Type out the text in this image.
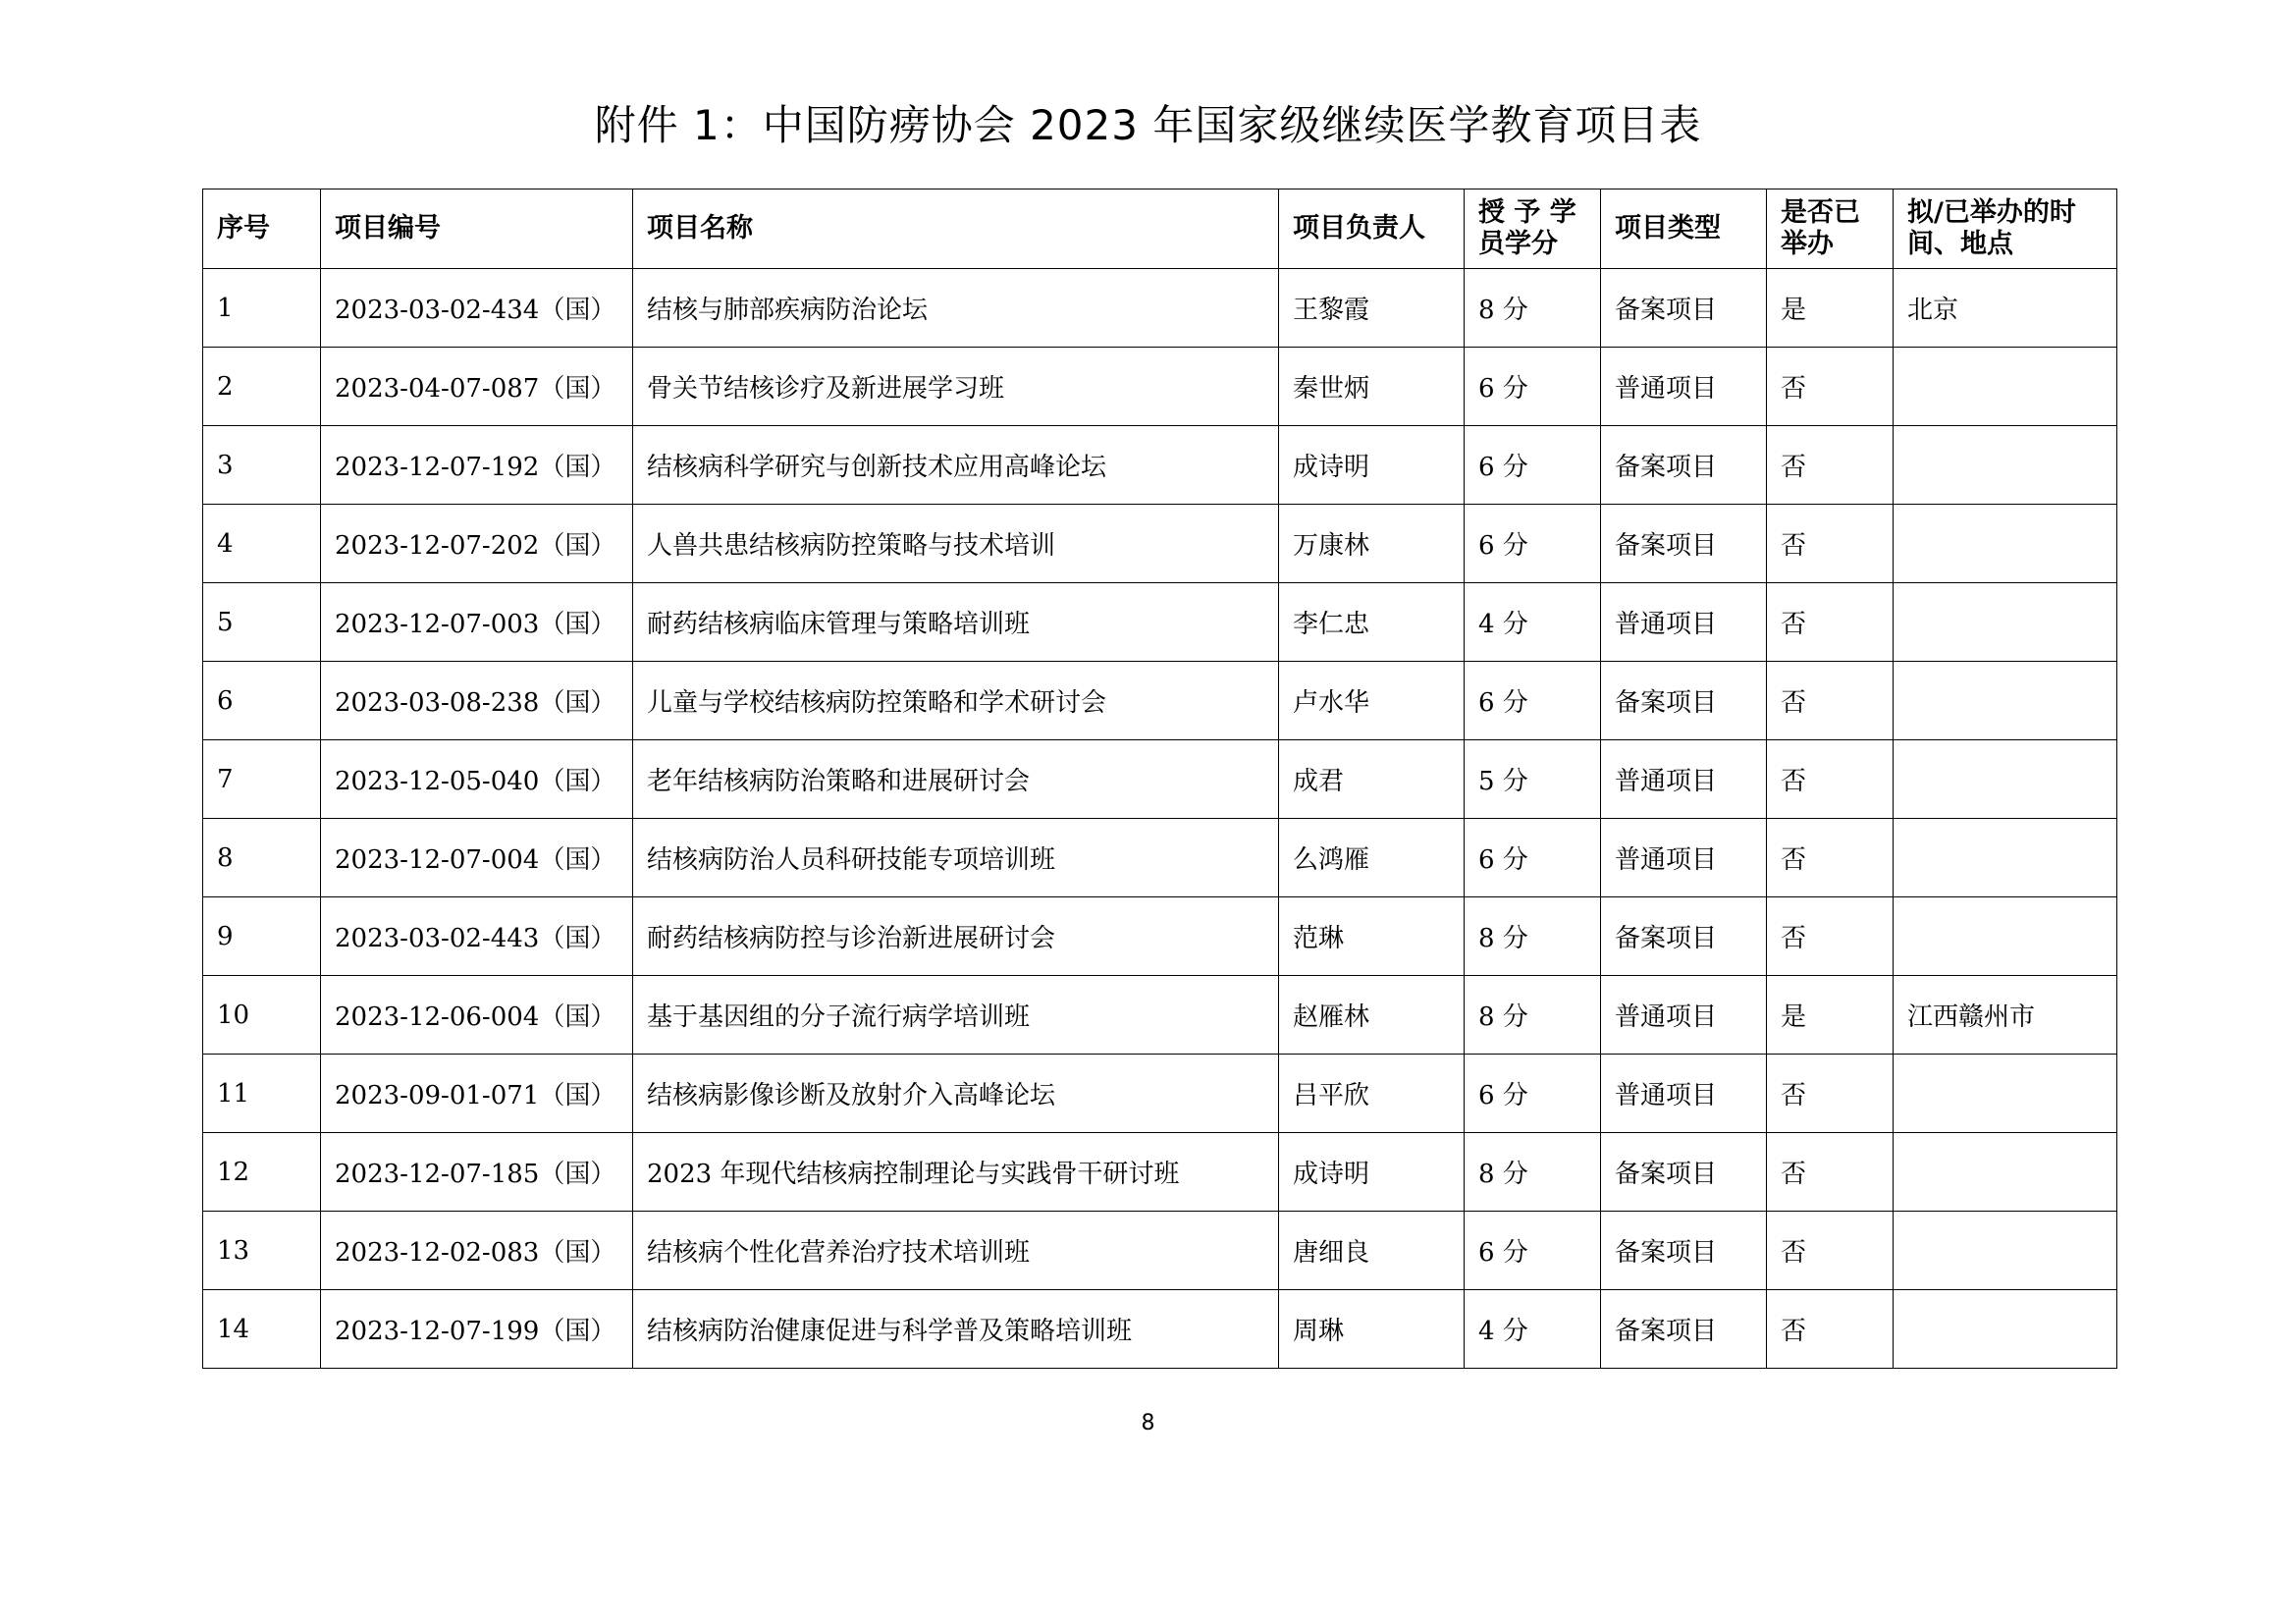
附件 1：中国防痨协会 2023 年国家级继续医学教育项目表
序号	项目编号	项目名称	项目负责人	授 予 学员学分	项目类型	是否已举办	拟/已举办的时间、地点
1	2023-03-02-434（国）	结核与肺部疾病防治论坛	王黎霞	8 分	备案项目	是	北京
2	2023-04-07-087（国）	骨关节结核诊疗及新进展学习班	秦世炳	6 分	普通项目	否	
3	2023-12-07-192（国）	结核病科学研究与创新技术应用高峰论坛	成诗明	6 分	备案项目	否	
4	2023-12-07-202（国）	人兽共患结核病防控策略与技术培训	万康林	6 分	备案项目	否	
5	2023-12-07-003（国）	耐药结核病临床管理与策略培训班	李仁忠	4 分	普通项目	否	
6	2023-03-08-238（国）	儿童与学校结核病防控策略和学术研讨会	卢水华	6 分	备案项目	否	
7	2023-12-05-040（国）	老年结核病防治策略和进展研讨会	成君	5 分	普通项目	否	
8	2023-12-07-004（国）	结核病防治人员科研技能专项培训班	么鸿雁	6 分	普通项目	否	
9	2023-03-02-443（国）	耐药结核病防控与诊治新进展研讨会	范琳	8 分	备案项目	否	
10	2023-12-06-004（国）	基于基因组的分子流行病学培训班	赵雁林	8 分	普通项目	是	江西赣州市
11	2023-09-01-071（国）	结核病影像诊断及放射介入高峰论坛	吕平欣	6 分	普通项目	否	
12	2023-12-07-185（国）	2023 年现代结核病控制理论与实践骨干研讨班	成诗明	8 分	备案项目	否	
13	2023-12-02-083（国）	结核病个性化营养治疗技术培训班	唐细良	6 分	备案项目	否	
14	2023-12-07-199（国）	结核病防治健康促进与科学普及策略培训班	周琳	4 分	备案项目	否	
8
